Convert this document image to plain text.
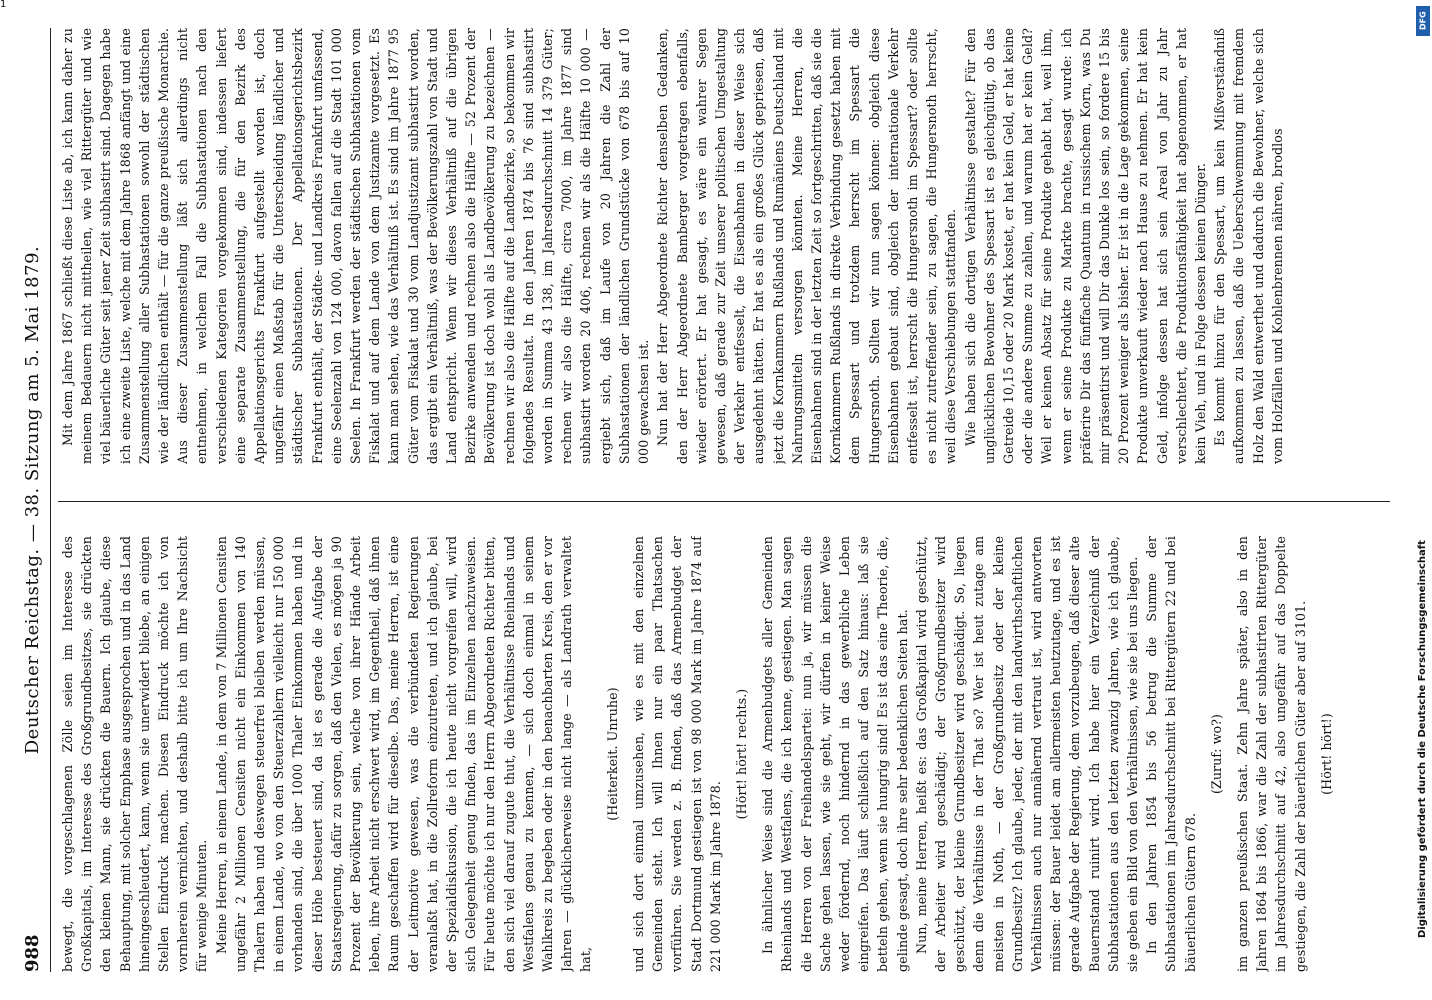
1
988
Deutscher Reichstag. — 38. Sitzung am 5. Mai 1879. bewegt, die vorgeschlagenen Zölle seien im Interesse des Großkapitals, im Interesse des Großgrundbesitzes, sie drückten den kleinen Mann, sie drückten die Bauern. Ich glaube, diese Behauptung, mit solcher Emphase ausgesprochen und in das Land hineingeschleudert, kann, wenn sie unerwidert bliebe, an einigen Stellen Eindruck machen. Diesen Eindruck möchte ich von vornherein vernichten, und deshalb bitte ich um Ihre Nachsicht für wenige Minuten. Meine Herren, in einem Lande, in dem von 7 Millionen Censiten ungefähr 2 Millionen Censiten nicht ein Einkommen von 140 Thalern haben und deswegen steuerfrei bleiben werden müssen, in einem Lande, wo von den Steuerzahlern vielleicht nur 150 000 vorhanden sind, die über 1000 Thaler Einkommen haben und in dieser Höhe besteuert sind, da ist es gerade die Aufgabe der Staatsregierung, dafür zu sorgen, daß den Vielen, es mögen ja 90 Prozent der Bevölkerung sein, welche von ihrer Hände Arbeit leben, ihre Arbeit nicht erschwert wird, im Gegentheil, daß ihnen Raum geschaffen wird für dieselbe. Das, meine Herren, ist eine der Leitmotive gewesen, was die verbündeten Regierungen veranlaßt hat, in die Zollreform einzutreten, und ich glaube, bei der Spezialdiskussion, die ich heute nicht vorgreifen will, wird sich Gelegenheit genug finden, das im Einzelnen nachzuweisen. Für heute möchte ich nur den Herrn Abgeordneten Richter bitten, den sich viel darauf zugute thut, die Verhältnisse Rheinlands und Westfalens genau zu kennen, — sich doch einmal in seinem Wahlkreis zu begeben oder in den benachbarten Kreis, den er vor Jahren — glücklicherweise nicht lange — als Landrath verwaltet hat,

(Heiterkeit. Unruhe) und sich dort einmal umzusehen, wie es mit den einzelnen Gemeinden steht. Ich will Ihnen nur ein paar Thatsachen vorführen. Sie werden z. B. finden, daß das Armenbudget der Stadt Dortmund gestiegen ist von 98 000 Mark im Jahre 1874 auf 221 000 Mark im Jahre 1878.

(Hört! hört! rechts.) In ähnlicher Weise sind die Armenbudgets aller Gemeinden Rheinlands und Westfalens, die ich kenne, gestiegen. Man sagen die Herren von der Freihandelspartei: nun ja, wir müssen die Sache gehen lassen, wie sie geht, wir dürfen in keiner Weise weder fördernd, noch hindernd in das gewerbliche Leben eingreifen. Das läuft schließlich auf den Satz hinaus: laß sie betteln gehen, wenn sie hungrig sind! Es ist das eine Theorie, die, gelinde gesagt, doch ihre sehr bedenklichen Seiten hat. Nun, meine Herren, heißt es: das Großkapital wird geschützt, der Arbeiter wird geschädigt; der Großgrundbesitzer wird geschützt, der kleine Grundbesitzer wird geschädigt. So, liegen denn die Verhältnisse in der That so? Wer ist heut zutage am meisten in Noth, — der Großgrundbesitz oder der kleine Grundbesitz? Ich glaube, jeder, der mit den landwirthschaftlichen Verhältnissen auch nur annähernd vertraut ist, wird antworten müssen: der Bauer leidet am allermeisten heutzutage, und es ist gerade Aufgabe der Regierung, dem vorzubeugen, daß dieser alte Bauernstand ruinirt wird. Ich habe hier ein Verzeichniß der Subhastationen aus den letzten zwanzig Jahren, wie ich glaube, sie geben ein Bild von den Verhältnissen, wie sie bei uns liegen. In den Jahren 1854 bis 56 betrug die Summe der Subhastationen im Jahresdurchschnitt bei Rittergütern 22 und bei bäuerlichen Gütern 678.

(Zuruf: wo?) im ganzen preußischen Staat. Zehn Jahre später, also in den Jahren 1864 bis 1866, war die Zahl der subhastirten Rittergüter im Jahresdurchschnitt auf 42, also ungefähr auf das Doppelte gestiegen, die Zahl der bäuerlichen Güter aber auf 3101. (Hört! hört!)

Mit dem Jahre 1867 schließt diese Liste ab, ich kann daher zu meinem Bedauern nicht mittheilen, wie viel Rittergüter und wie viel bäuerliche Güter seit jener Zeit subhastirt sind. Dagegen habe ich eine zweite Liste, welche mit dem Jahre 1868 anfängt und eine Zusammenstellung aller Subhastationen sowohl der städtischen wie der ländlichen enthält — für die ganze preußische Monarchie. Aus dieser Zusammenstellung läßt sich allerdings nicht entnehmen, in welchem Fall die Subhastationen nach den verschiedenen Kategorien vorgekommen sind, indessen liefert eine separate Zusammenstellung, die für den Bezirk des Appellationsgerichts Frankfurt aufgestellt worden ist, doch ungefähr einen Maßstab für die Unterscheidung ländlicher und städtischer Subhastationen. Der Appellationsgerichtsbezirk Frankfurt enthält, der Städte- und Landkreis Frankfurt umfassend, eine Seelenzahl von 124 000, davon fallen auf die Stadt 101 000 Seelen. In Frankfurt werden der städtischen Subhastationen vom Fiskalat und auf dem Lande von dem Justizamte vorgesetzt. Es kann man sehen, wie das Verhältniß ist. Es sind im Jahre 1877 95 Güter vom Fiskalat und 30 vom Landjustizamt subhastirt worden, das ergibt ein Verhältniß, was der Bevölkerungszahl von Stadt und Land entspricht. Wenn wir dieses Verhältniß auf die übrigen Bezirke anwenden und rechnen also die Hälfte — 52 Prozent der Bevölkerung ist doch wohl als Landbevölkerung zu bezeichnen — rechnen wir also die Hälfte auf die Landbezirke, so bekommen wir folgendes Resultat. In den Jahren 1874 bis 76 sind subhastirt worden in Summa 43 138, im Jahresdurchschnitt 14 379 Güter; rechnen wir also die Hälfte, circa 7000, im Jahre 1877 sind subhastirt worden 20 406, rechnen wir als die Hälfte 10 000 — ergiebt sich, daß im Laufe von 20 Jahren die Zahl der Subhastationen der ländlichen Grundstücke von 678 bis auf 10 000 gewachsen ist. Nun hat der Herr Abgeordnete Richter denselben Gedanken, den der Herr Abgeordnete Bamberger vorgetragen ebenfalls, wieder erörtert. Er hat gesagt, es wäre ein wahrer Segen gewesen, daß gerade zur Zeit unserer politischen Umgestaltung der Verkehr entfesselt, die Eisenbahnen in dieser Weise sich ausgedehnt hätten. Er hat es als ein großes Glück gepriesen, daß jetzt die Kornkammern Rußlands und Rumäniens Deutschland mit Nahrungsmitteln versorgen könnten. Meine Herren, die Eisenbahnen sind in der letzten Zeit so fortgeschritten, daß sie die Kornkammern Rußlands in direkte Verbindung gesetzt haben mit dem Spessart und trotzdem herrscht im Spessart die Hungersnoth. Sollten wir nun sagen können: obgleich diese Eisenbahnen gebaut sind, obgleich der internationale Verkehr entfesselt ist, herrscht die Hungersnoth im Spessart? oder sollte es nicht zutreffender sein, zu sagen, die Hungersnoth herrscht, weil diese Verschiebungen stattfanden. Wie haben sich die dortigen Verhältnisse gestaltet? Für den unglücklichen Bewohner des Spessart ist es gleichgültig, ob das Getreide 10,15 oder 20 Mark kostet, er hat kein Geld, er hat keine oder die andere Summe zu zahlen, und warum hat er kein Geld? Weil er keinen Absatz für seine Produkte gehabt hat, weil ihm, wenn er seine Produkte zu Markte brachte, gesagt wurde: ich präferire Dir das fünffache Quantum in russischem Korn, was Du mir präsentirst und will Dir das Dunkle los sein, so fordere 15 bis 20 Prozent weniger als bisher. Er ist in die Lage gekommen, seine Produkte unverkauft wieder nach Hause zu nehmen. Er hat kein Geld, infolge dessen hat sich sein Areal von Jahr zu Jahr verschlechtert, die Produktionsfähigkeit hat abgenommen, er hat kein Vieh, und in Folge dessen keinen Dünger. Es kommt hinzu für den Spessart, um kein Mißverständniß aufkommen zu lassen, daß die Ueberschwemmung mit fremdem Holz den Wald entwerthet und dadurch die Bewohner, welche sich vom Holzfällen und Kohlenbrennen nähren, brodlos

Digitalisierung gefördert durch die Deutsche Forschungsgemeinschaft
DFG
